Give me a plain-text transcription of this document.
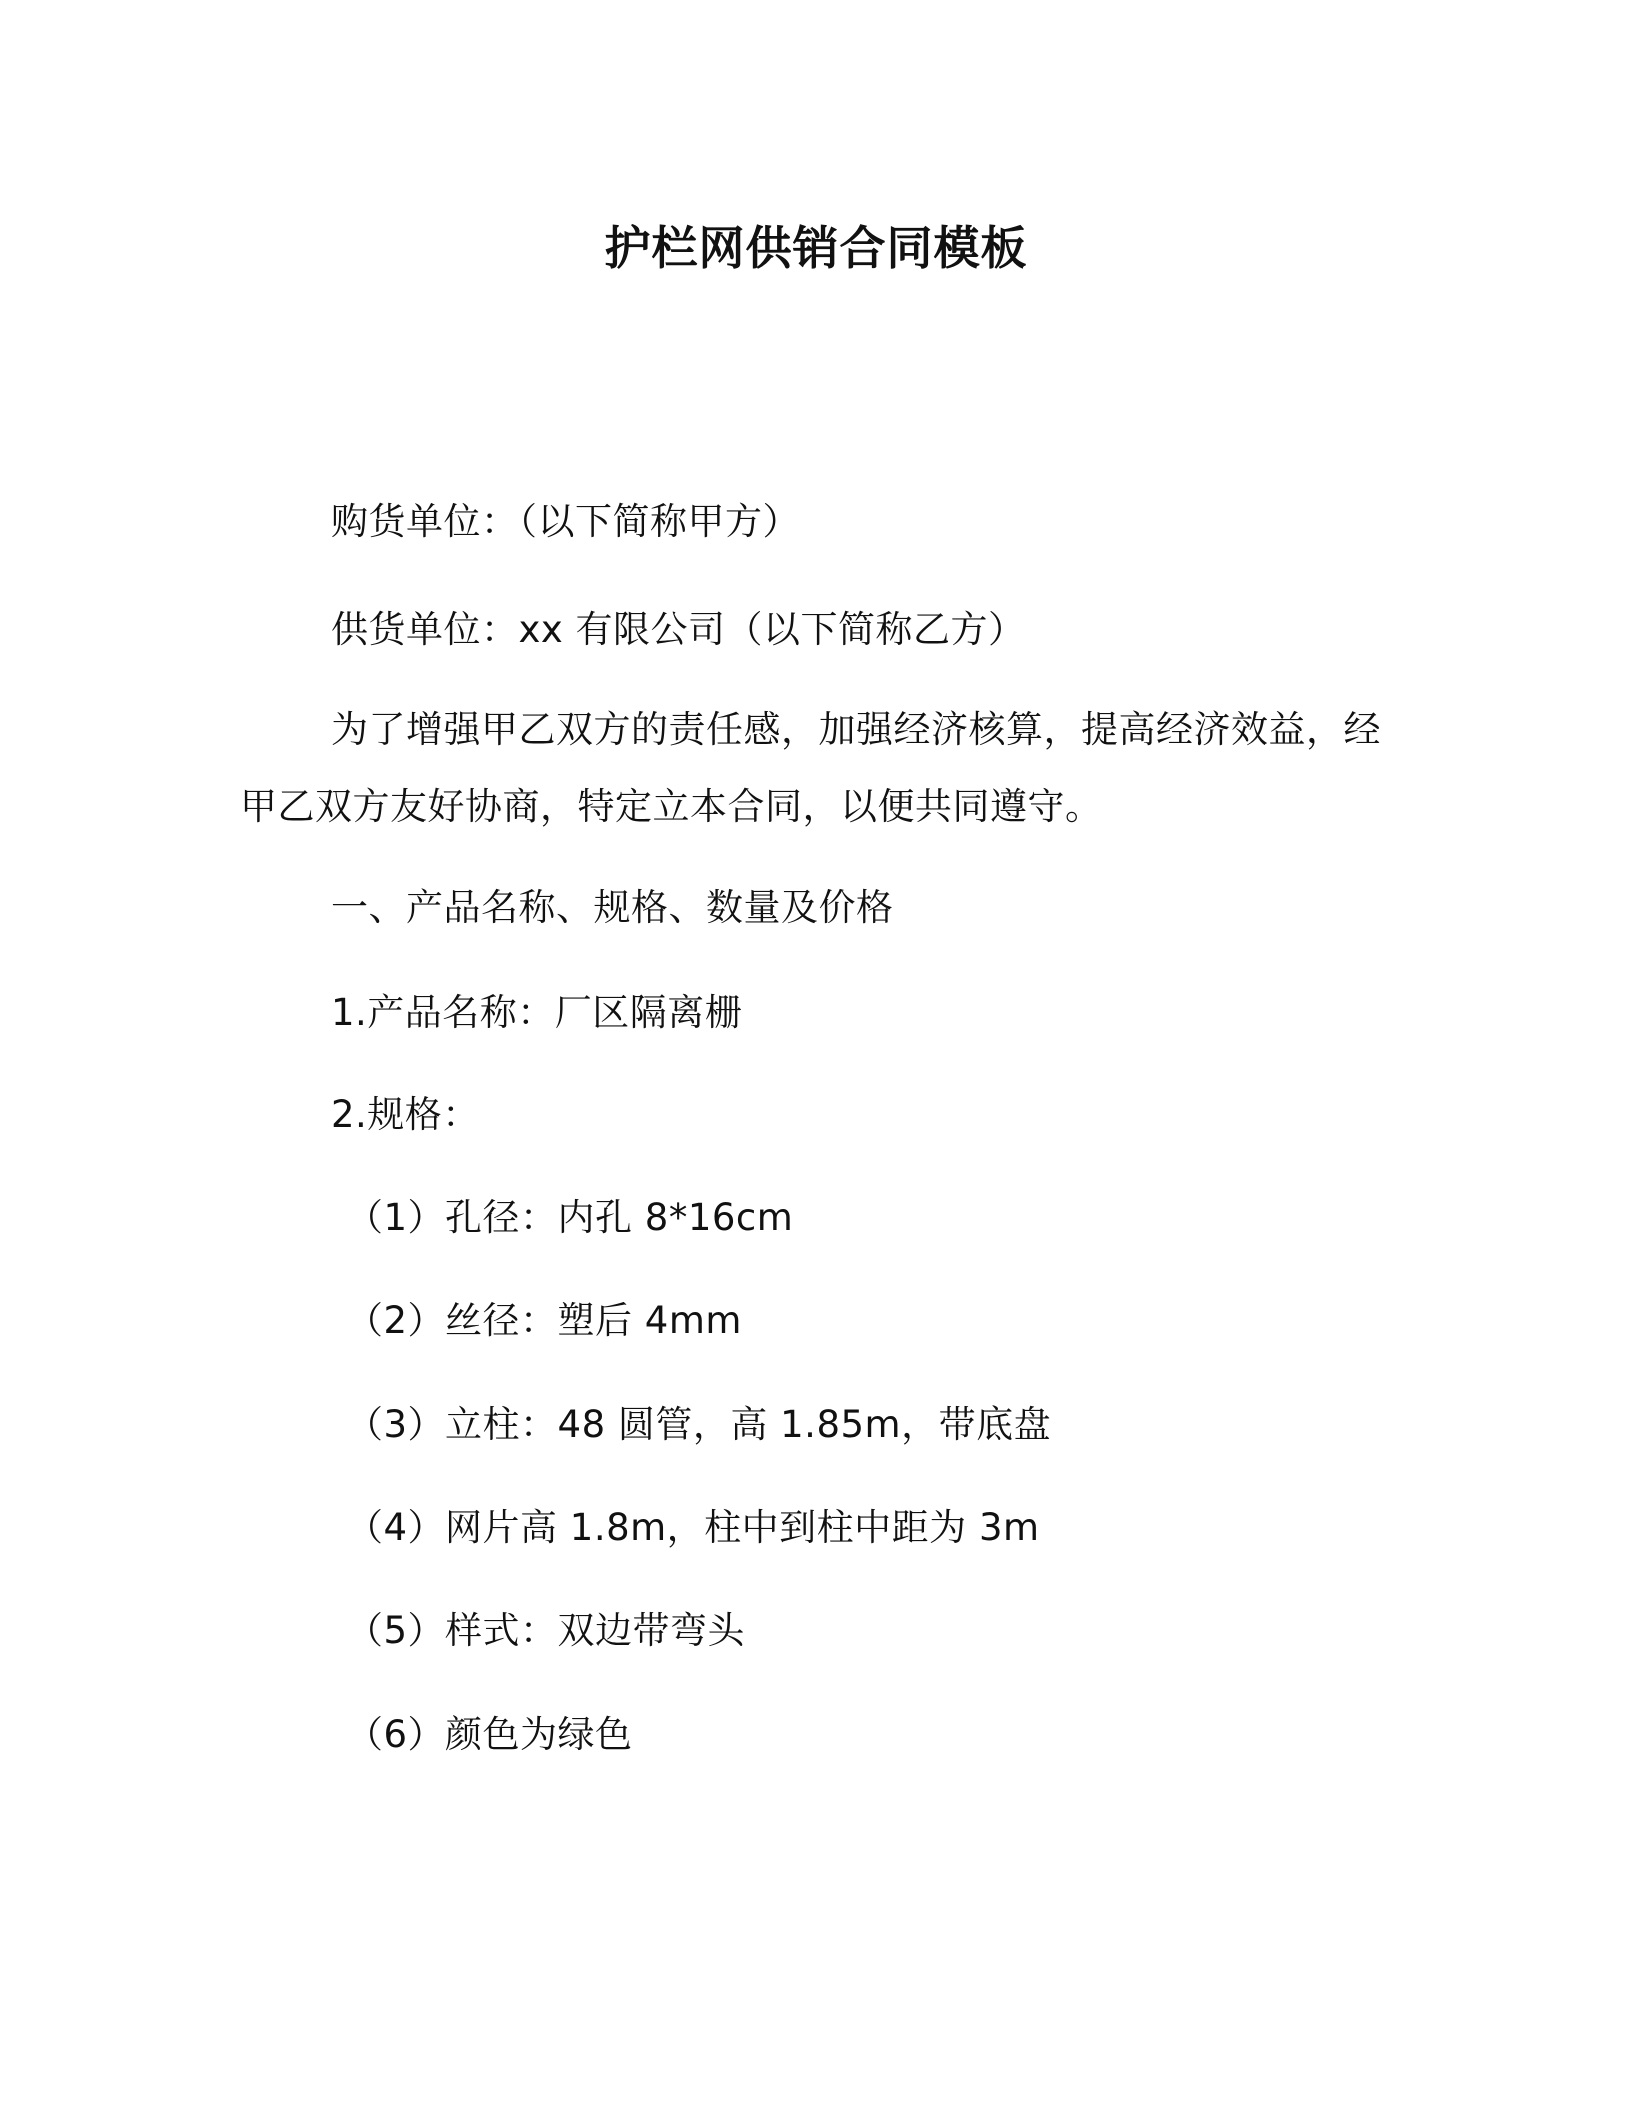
护栏网供销合同模板
购货单位：（以下简称甲方）
供货单位：xx 有限公司（以下简称乙方）
为了增强甲乙双方的责任感，加强经济核算，提高经济效益，经
甲乙双方友好协商，特定立本合同，以便共同遵守。
一、产品名称、规格、数量及价格
1.产品名称：厂区隔离栅
2.规格：
（1）孔径：内孔 8*16cm
（2）丝径：塑后 4mm
（3）立柱：48 圆管，高 1.85m，带底盘
（4）网片高 1.8m，柱中到柱中距为 3m
（5）样式：双边带弯头
（6）颜色为绿色
